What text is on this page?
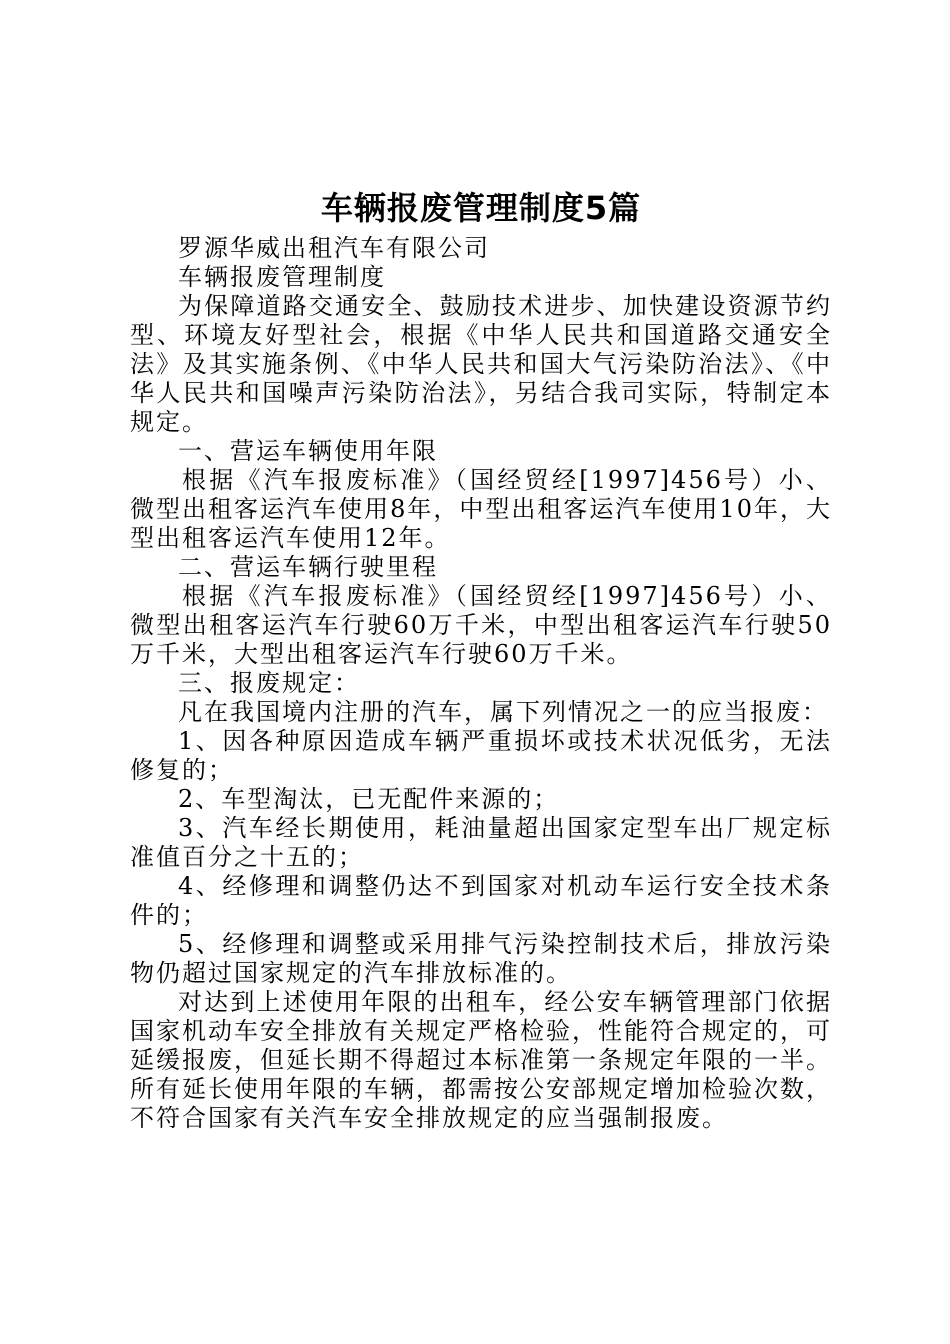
车辆报废管理制度5篇

罗源华威出租汽车有限公司

车辆报废管理制度

为保障道路交通安全、鼓励技术进步、加快建设资源节约型、环境友好型社会，根据《中华人民共和国道路交通安全法》及其实施条例、《中华人民共和国大气污染防治法》、《中华人民共和国噪声污染防治法》，另结合我司实际，特制定本规定。

一、营运车辆使用年限

根据《汽车报废标准》（国经贸经[1997]456号）小、微型出租客运汽车使用8年，中型出租客运汽车使用10年，大型出租客运汽车使用12年。

二、营运车辆行驶里程

根据《汽车报废标准》（国经贸经[1997]456号）小、微型出租客运汽车行驶60万千米，中型出租客运汽车行驶50万千米，大型出租客运汽车行驶60万千米。

三、报废规定：

凡在我国境内注册的汽车，属下列情况之一的应当报废：

1、因各种原因造成车辆严重损坏或技术状况低劣，无法修复的；

2、车型淘汰，已无配件来源的；

3、汽车经长期使用，耗油量超出国家定型车出厂规定标准值百分之十五的；

4、经修理和调整仍达不到国家对机动车运行安全技术条件的；

5、经修理和调整或采用排气污染控制技术后，排放污染物仍超过国家规定的汽车排放标准的。

对达到上述使用年限的出租车，经公安车辆管理部门依据国家机动车安全排放有关规定严格检验，性能符合规定的，可延缓报废，但延长期不得超过本标准第一条规定年限的一半。所有延长使用年限的车辆，都需按公安部规定增加检验次数，不符合国家有关汽车安全排放规定的应当强制报废。
